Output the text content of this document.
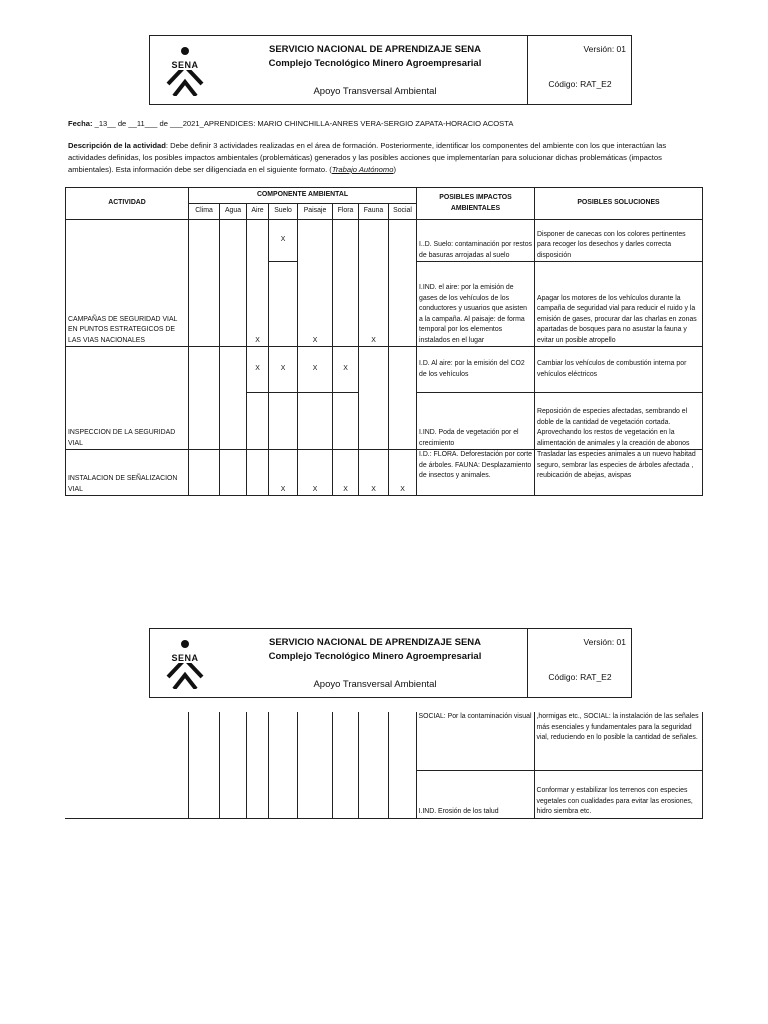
SENA
SERVICIO NACIONAL DE APRENDIZAJE SENA
Complejo Tecnológico Minero Agroempresarial
Apoyo Transversal Ambiental
Versión: 01
Código: RAT_E2
Fecha: _13__ de __11___ de ___2021_APRENDICES: MARIO CHINCHILLA-ANRES VERA-SERGIO ZAPATA-HORACIO ACOSTA
Descripción de la actividad: Debe definir 3 actividades realizadas en el área de formación. Posteriormente, identificar los componentes del ambiente con los que interactúan las actividades definidas, los posibles impactos ambientales (problemáticas) generados y las posibles acciones que implementarían para solucionar dichas problemáticas (impactos ambientales). Esta información debe ser diligenciada en el siguiente formato. (Trabajo Autónomo)
ACTIVIDAD	COMPONENTE AMBIENTAL								POSIBLES IMPACTOS AMBIENTALES	POSIBLES SOLUCIONES
	Clima	Agua	Aire	Suelo	Paisaje	Flora	Fauna	Social		
CAMPAÑAS DE SEGURIDAD VIAL EN PUNTOS ESTRATEGICOS DE LAS VIAS NACIONALES			X	X	X		X		I..D. Suelo: contaminación por restos de basuras arrojadas al suelo	Disponer de canecas con los colores pertinentes para recoger los desechos y darles correcta disposición
									I.IND. el aire: por la emisión de gases de los vehículos de los conductores y usuarios que asisten a la campaña. Al paisaje: de forma temporal por los elementos instalados en el lugar	Apagar los motores de los vehículos durante la campaña de seguridad vial para reducir el ruido y la emisión de gases, procurar dar las charlas en zonas apartadas de bosques para no asustar la fauna y evitar un posible atropello
INSPECCION DE LA SEGURIDAD VIAL			X	X	X	X			I.D. Al aire: por la emisión del CO2 de los vehículos	Cambiar los vehículos de combustión interna por vehículos eléctricos
									I.IND. Poda de vegetación por el crecimiento	Reposición de especies afectadas, sembrando el doble de la cantidad de vegetación cortada. Aprovechando los restos de vegetación en la alimentación de animales y la creación de abonos
INSTALACION DE SEÑALIZACION VIAL				X	X	X	X	X	I.D.: FLORA. Deforestación por corte de árboles. FAUNA: Desplazamiento de insectos y animales.	Trasladar las especies animales a un nuevo habitad seguro, sembrar las especies de árboles afectada , reubicación de abejas, avispas
SENA
SERVICIO NACIONAL DE APRENDIZAJE SENA
Complejo Tecnológico Minero Agroempresarial
Apoyo Transversal Ambiental
Versión: 01
Código: RAT_E2
									SOCIAL: Por la contaminación visual	,hormigas etc., SOCIAL: la instalación de las señales más esenciales y fundamentales para la seguridad vial, reduciendo en lo posible la cantidad de señales.
									I.IND. Erosión de los talud	Conformar y estabilizar los terrenos con especies vegetales con cualidades para evitar las erosiones, hidro siembra etc.
